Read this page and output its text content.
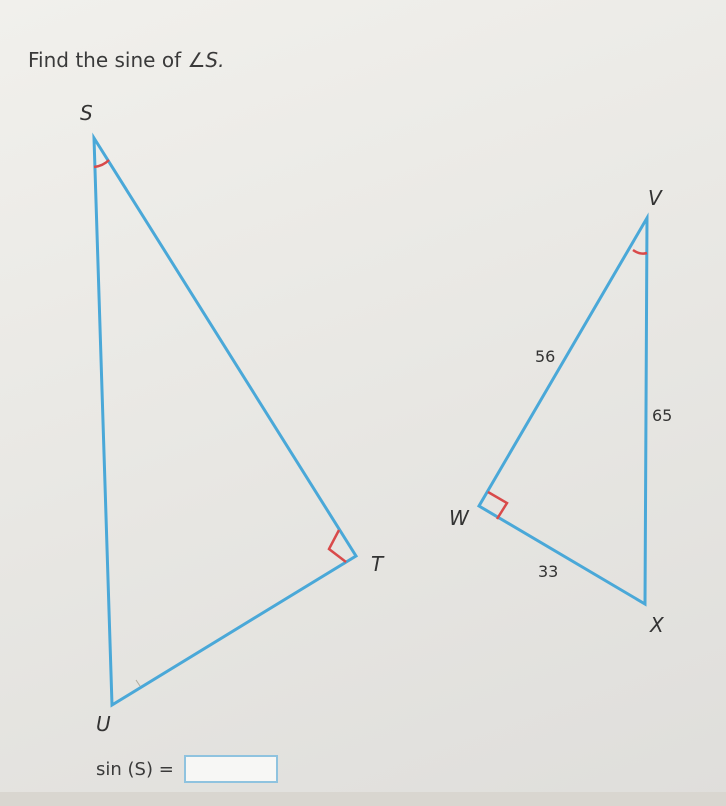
Find the sine of ∠S.
S
T
U
V
W
X
56
65
33
sin (S) =
